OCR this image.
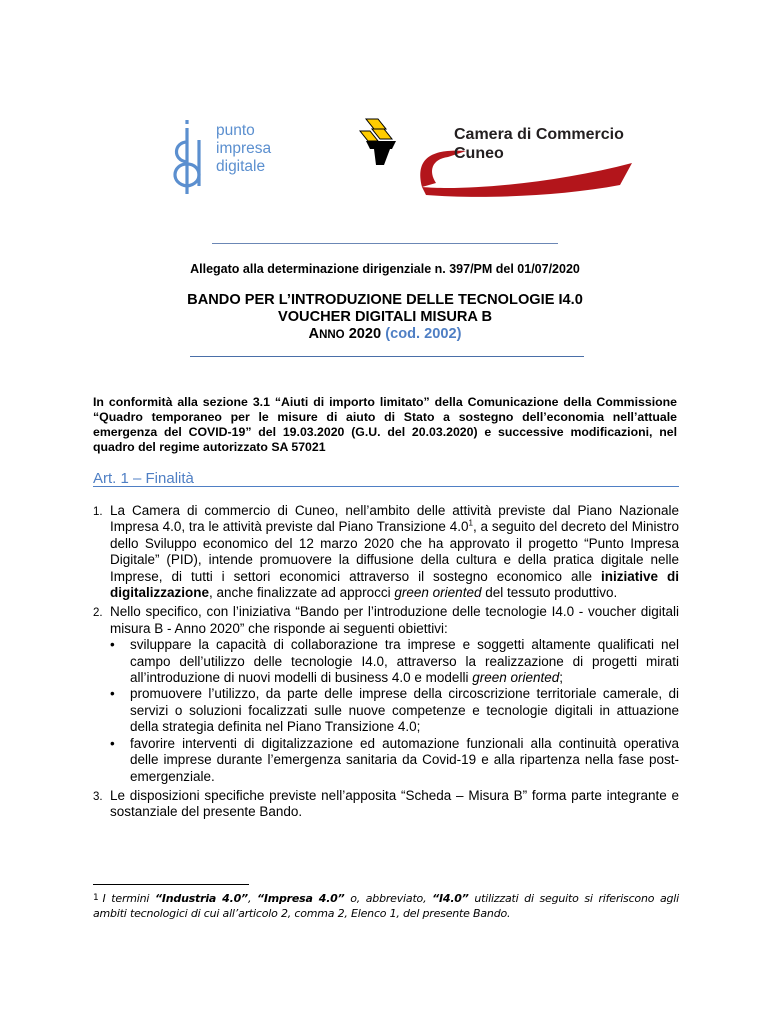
punto
impresa
digitale
Camera di Commercio
Cuneo
Allegato alla determinazione dirigenziale n. 397/PM del 01/07/2020
BANDO PER L’INTRODUZIONE DELLE TECNOLOGIE I4.0
VOUCHER DIGITALI MISURA B
ANNO 2020 (cod. 2002)
In conformità alla sezione 3.1 “Aiuti di importo limitato” della Comunicazione della Commissione “Quadro temporaneo per le misure di aiuto di Stato a sostegno dell’economia nell’attuale emergenza del COVID-19” del 19.03.2020 (G.U. del 20.03.2020) e successive modificazioni, nel quadro del regime autorizzato SA 57021
Art. 1 – Finalità
1. La Camera di commercio di Cuneo, nell’ambito delle attività previste dal Piano Nazionale Impresa 4.0, tra le attività previste dal Piano Transizione $4.0^1$, a seguito del decreto del Ministro dello Sviluppo economico del 12 marzo 2020 che ha approvato il progetto “Punto Impresa Digitale” (PID), intende promuovere la diffusione della cultura e della pratica digitale nelle Imprese, di tutti i settori economici attraverso il sostegno economico alle iniziative di digitalizzazione, anche finalizzate ad approcci green oriented del tessuto produttivo.
2. Nello specifico, con l’iniziativa “Bando per l’introduzione delle tecnologie I4.0 - voucher digitali misura B - Anno 2020” che risponde ai seguenti obiettivi:
• sviluppare la capacità di collaborazione tra imprese e soggetti altamente qualificati nel campo dell’utilizzo delle tecnologie I4.0, attraverso la realizzazione di progetti mirati all’introduzione di nuovi modelli di business 4.0 e modelli green oriented;
• promuovere l’utilizzo, da parte delle imprese della circoscrizione territoriale camerale, di servizi o soluzioni focalizzati sulle nuove competenze e tecnologie digitali in attuazione della strategia definita nel Piano Transizione 4.0;
• favorire interventi di digitalizzazione ed automazione funzionali alla continuità operativa delle imprese durante l’emergenza sanitaria da Covid-19 e alla ripartenza nella fase post-emergenziale.
3. Le disposizioni specifiche previste nell’apposita “Scheda – Misura B” forma parte integrante e sostanziale del presente Bando.
$^1$ I termini “Industria 4.0”, “Impresa 4.0” o, abbreviato, “I4.0” utilizzati di seguito si riferiscono agli ambiti tecnologici di cui all’articolo 2, comma 2, Elenco 1, del presente Bando.
